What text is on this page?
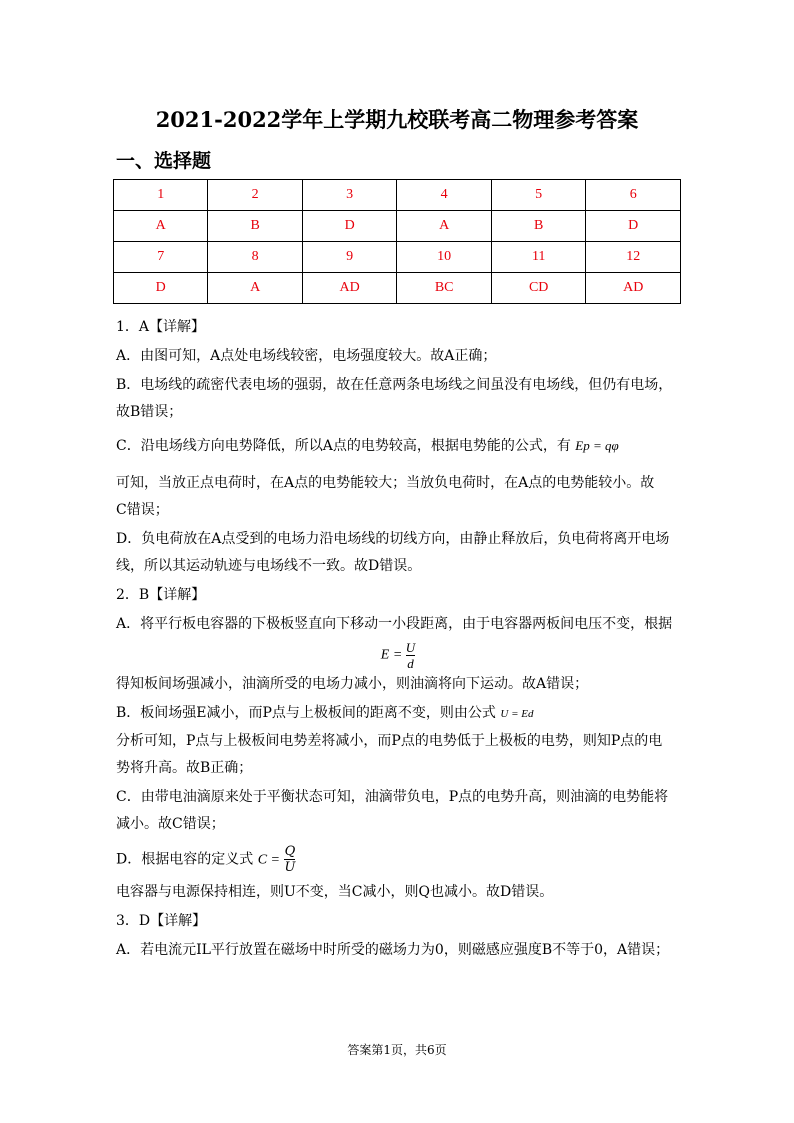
2021-2022学年上学期九校联考高二物理参考答案
一、选择题
1	2	3	4	5	6
A	B	D	A	B	D
7	8	9	10	11	12
D	A	AD	BC	CD	AD

1．A【详解】

A．由图可知，A点处电场线较密，电场强度较大。故A正确；

B．电场线的疏密代表电场的强弱，故在任意两条电场线之间虽没有电场线，但仍有电场，

故B错误；

C．沿电场线方向电势降低，所以A点的电势较高，根据电势能的公式，有 Ep = qφ

可知，当放正点电荷时，在A点的电势能较大；当放负电荷时，在A点的电势能较小。故

C错误；

D．负电荷放在A点受到的电场力沿电场线的切线方向，由静止释放后，负电荷将离开电场

线，所以其运动轨迹与电场线不一致。故D错误。

2．B【详解】

A．将平行板电容器的下极板竖直向下移动一小段距离，由于电容器两板间电压不变，根据

$E = \frac{U}{d}$

得知板间场强减小，油滴所受的电场力减小，则油滴将向下运动。故A错误；

B．板间场强E减小，而P点与上极板间的距离不变，则由公式 U = Ed

分析可知，P点与上极板间电势差将减小，而P点的电势低于上极板的电势，则知P点的电

势将升高。故B正确；

C．由带电油滴原来处于平衡状态可知，油滴带负电，P点的电势升高，则油滴的电势能将

减小。故C错误；

D．根据电容的定义式 $C = \frac{Q}{U}$

电容器与电源保持相连，则U不变，当C减小，则Q也减小。故D错误。

3．D【详解】

A．若电流元IL平行放置在磁场中时所受的磁场力为0，则磁感应强度B不等于0，A错误；

答案第1页，共6页
